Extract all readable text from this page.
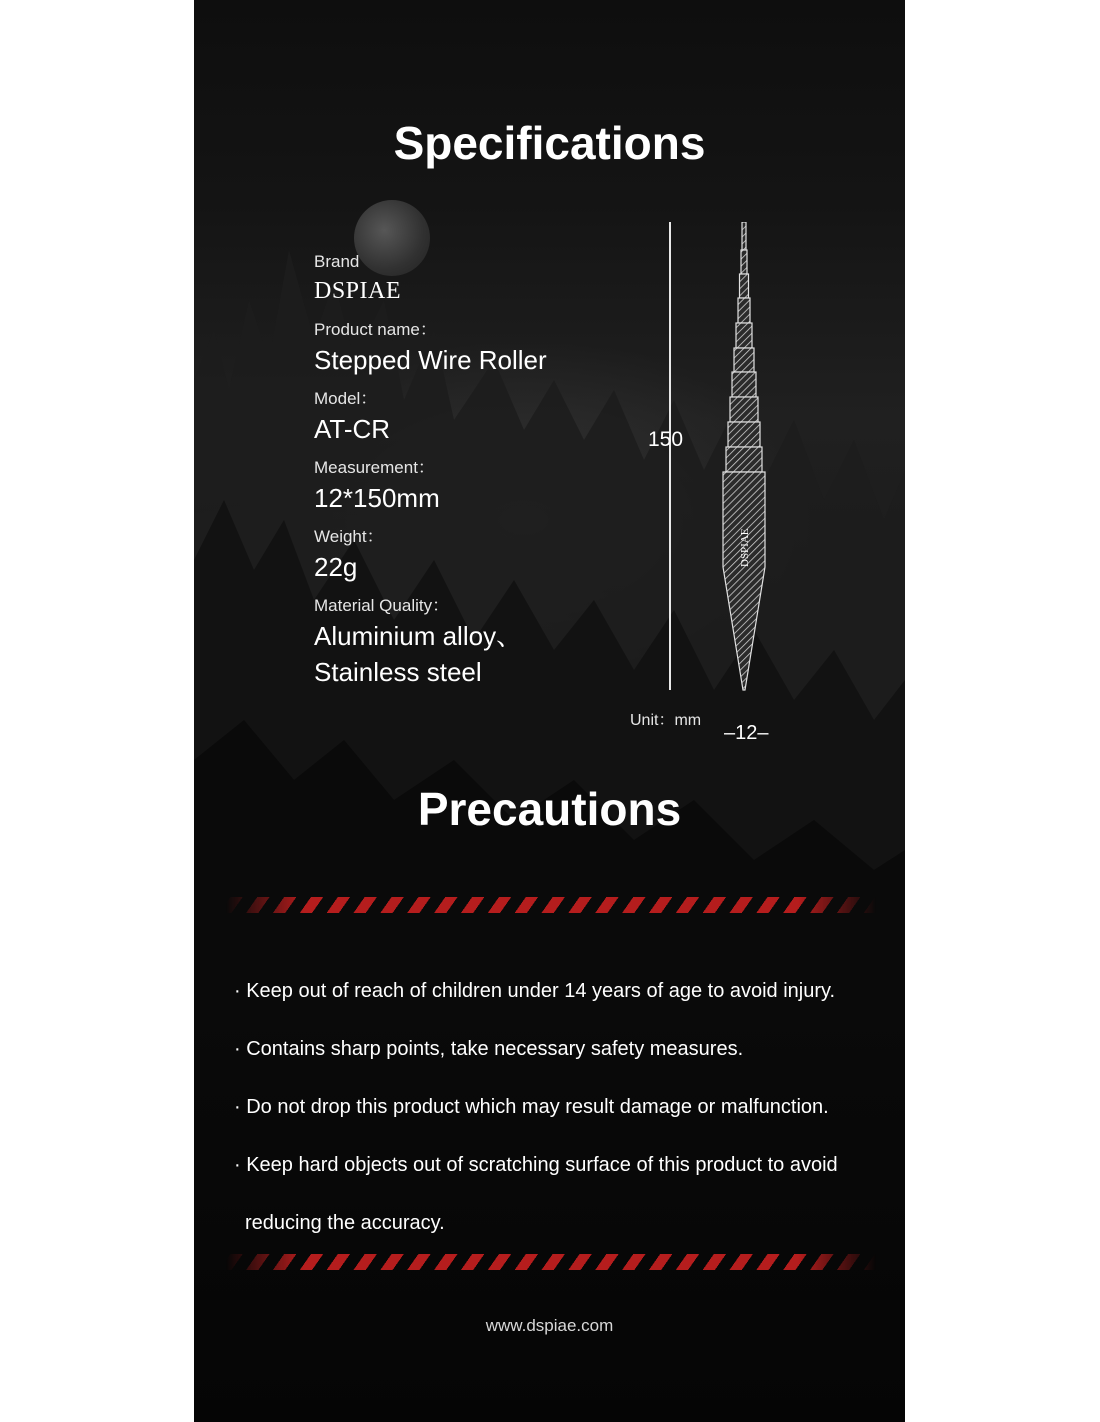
Specifications

Brand

DSPIAE

Product name：

Stepped Wire Roller

Model：

AT-CR

Measurement：

12*150mm

Weight：

22g

Material Quality：

Aluminium alloy、

Stainless steel

150
DSPIAE
Unit：mm
–12–
Precautions
· Keep out of reach of children under 14 years of age to avoid injury.
· Contains sharp points, take necessary safety measures.
· Do not drop this product which may result damage or malfunction.
· Keep hard objects out of scratching surface of this product to avoid
reducing the accuracy.
www.dspiae.com
